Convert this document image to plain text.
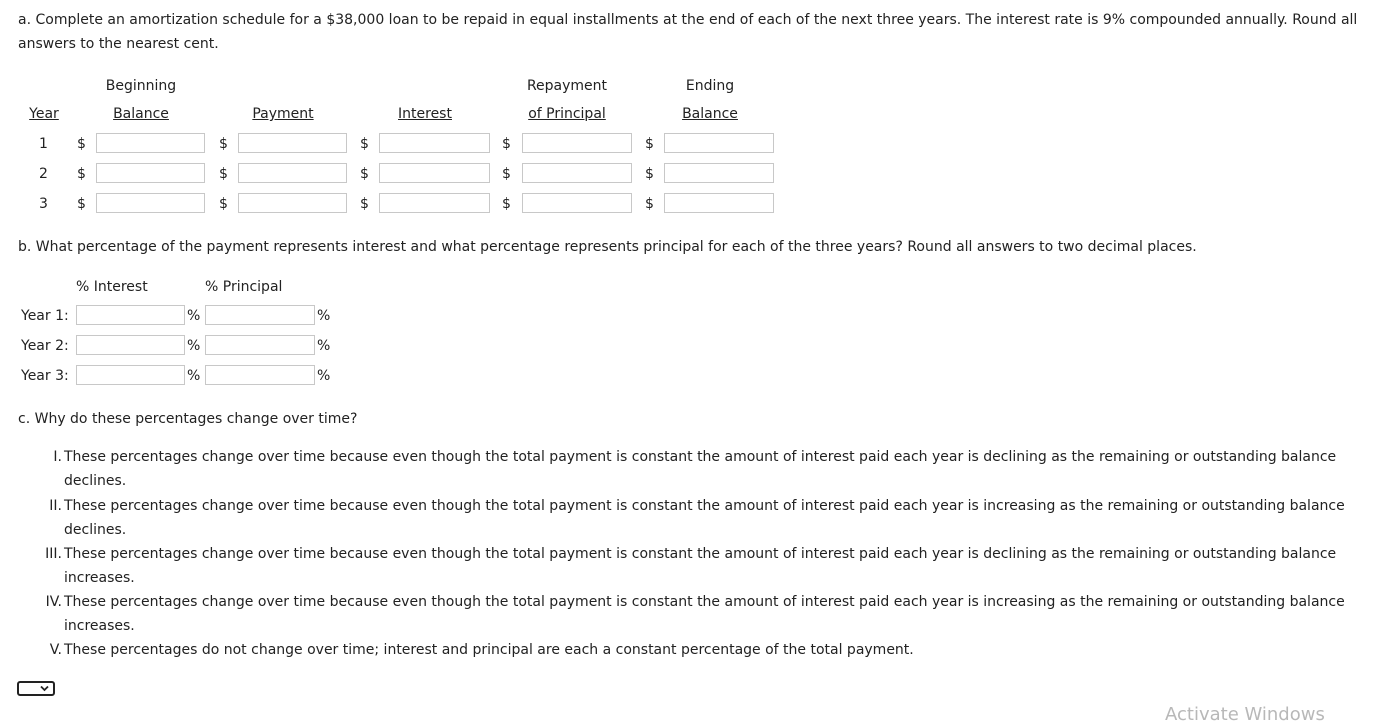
a. Complete an amortization schedule for a $38,000 loan to be repaid in equal installments at the end of each of the next three years. The interest rate is 9% compounded annually. Round all answers to the nearest cent.
Beginning	Repayment	Ending
Year	Balance	Payment	Interest	of Principal	Balance
1 $	$	$	$	$
2 $	$	$	$	$
3 $	$	$	$	$
b. What percentage of the payment represents interest and what percentage represents principal for each of the three years? Round all answers to two decimal places.
% Interest	% Principal
Year 1:	%	%
Year 2:	%	%
Year 3:	%	%
c. Why do these percentages change over time?
I. These percentages change over time because even though the total payment is constant the amount of interest paid each year is declining as the remaining or outstanding balance declines.
II. These percentages change over time because even though the total payment is constant the amount of interest paid each year is increasing as the remaining or outstanding balance declines.
III. These percentages change over time because even though the total payment is constant the amount of interest paid each year is declining as the remaining or outstanding balance increases.
IV. These percentages change over time because even though the total payment is constant the amount of interest paid each year is increasing as the remaining or outstanding balance increases.
V. These percentages do not change over time; interest and principal are each a constant percentage of the total payment.
Activate Windows
